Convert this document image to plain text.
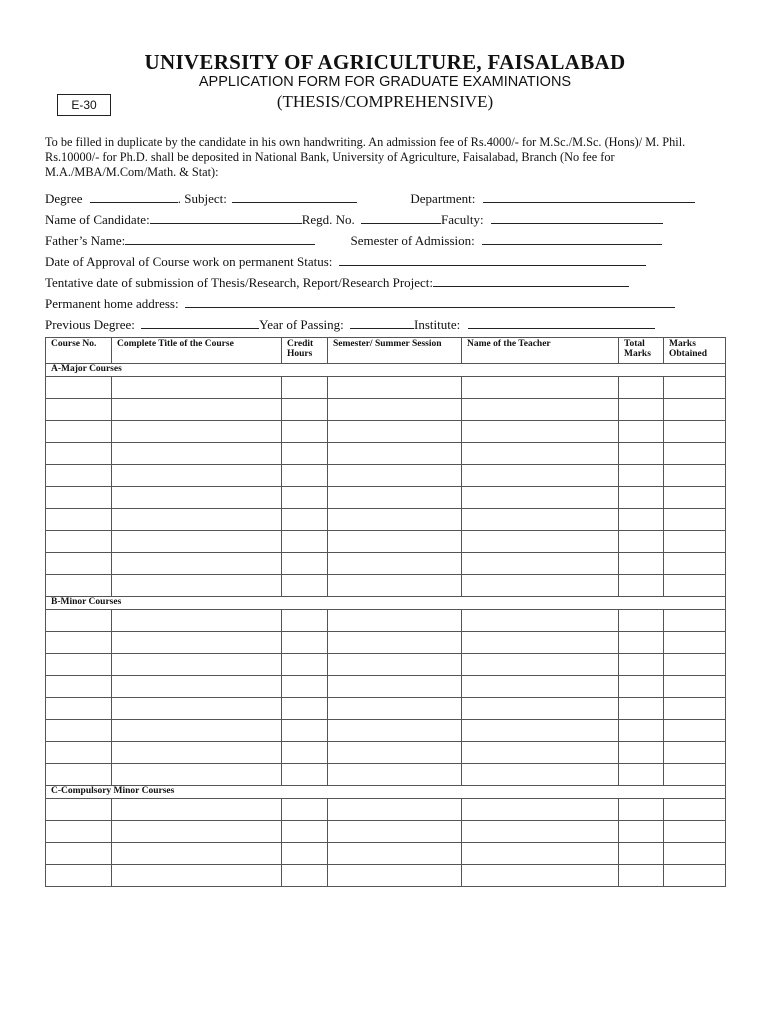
UNIVERSITY OF AGRICULTURE, FAISALABAD
APPLICATION FORM FOR GRADUATE EXAMINATIONS
(THESIS/COMPREHENSIVE)
E-30
To be filled in duplicate by the candidate in his own handwriting. An admission fee of Rs.4000/- for M.Sc./M.Sc. (Hons)/ M. Phil. Rs.10000/- for Ph.D. shall be deposited in National Bank, University of Agriculture, Faisalabad, Branch (No fee for M.A./MBA/M.Com/Math. & Stat):
Degree	. Subject:	Department:
Name of Candidate:	Regd. No.	Faculty:
Father’s Name:	Semester of Admission:
Date of Approval of Course work on permanent Status:
Tentative date of submission of Thesis/Research, Report/Research Project:
Permanent home address:
Previous Degree:	Year of Passing:	Institute:
Course No.	Complete Title of the Course	Credit Hours	Semester/ Summer Session	Name of the Teacher	Total Marks	Marks Obtained
A-Major Courses						

B-Minor Courses						

C-Compulsory Minor Courses						
